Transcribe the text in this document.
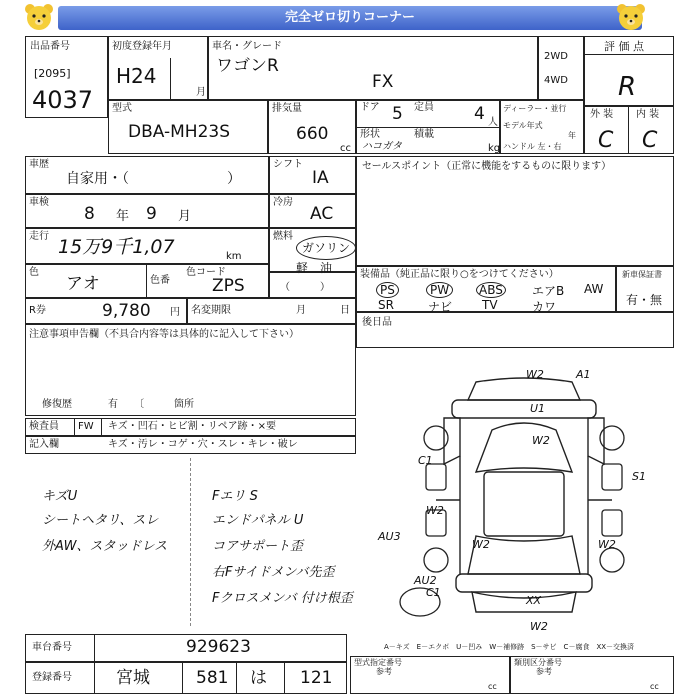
完全ゼロ切りコーナー
出品番号
[2095]
4037
初度登録年月
H24
月
車名・グレード
ワゴンR
FX
2WD
4WD
評 価 点
R
型式
DBA-MH23S
排気量
660
cc
ドア 5 定員 4 人
形状
ハコガタ
積載
kg
ディーラー・並行
モデル年式
年
ハンドル 左・右
外 装 内 装
C C
車歴
自家用・（　　　　　　　）
シフト
IA
車検
8 年 9 月
冷房
AC
走行 15万9千1,07	km
燃料
ガソリン
軽　油
色
アオ	色番
色コード
ZPS	（　　　）
R券	9,780 円 名変期限	月	日
注意事項申告欄（不具合内容等は具体的に記入して下さい）
修復歴	有 〔　　　箇所
検査員 FW キズ・凹石・ヒビ割・リペア跡・×要
記入欄	キズ・汚レ・コゲ・穴・スレ・キレ・破レ
キズU
シートヘタリ、スレ
外AW、スタッドレス
Fエリ S
エンドパネル U
コアサポート歪
右Fサイドメンバ先歪
Fクロスメンバ 付け根歪
セールスポイント（正常に機能をするものに限ります）
装備品（純正品に限り○をつけてください）
PS	PW	ABS エアB AW
SR	ナビ TV	カワ
新車保証書
有・無
後日品
W2	A1
U1
W2
C1
S1
W2
AU3
W2	W2
AU2
C1
XX
W2
車台番号	929623
登録番号	宮城	581 は 121
A－キズ　E－エクボ　U－凹み　W－補修跡　S－サビ　C－腐食　XX－交換済
型式指定番号
参考
cc
類別区分番号
参考
cc
